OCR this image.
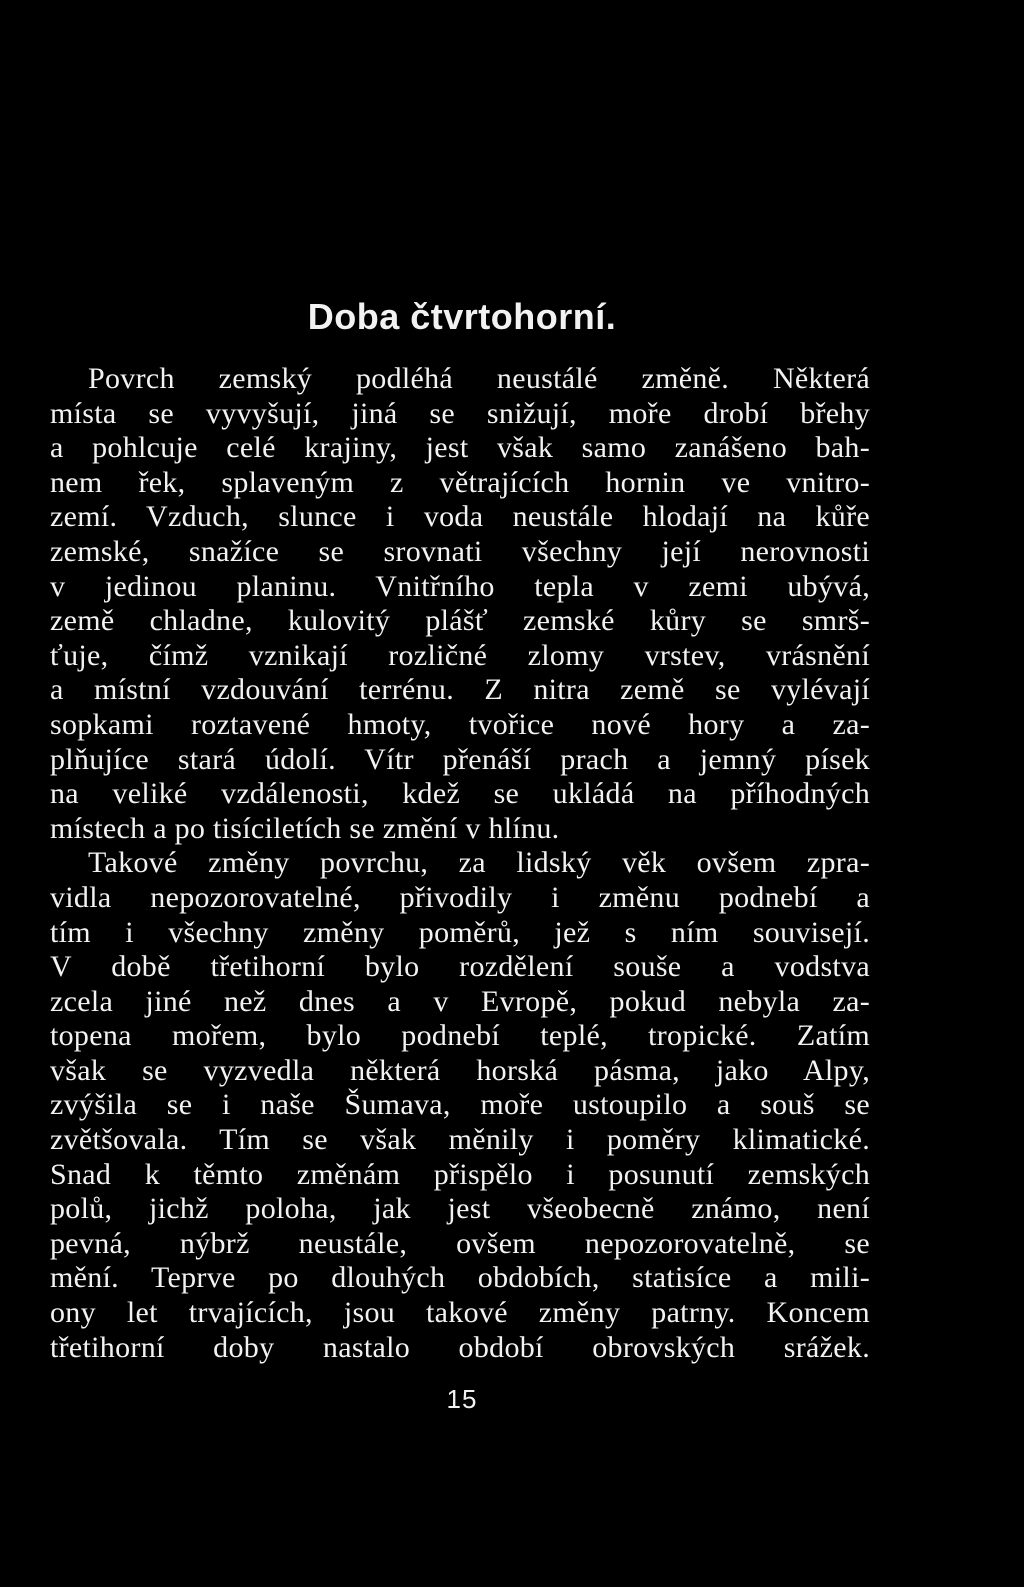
Doba čtvrtohorní.
Povrch zemský podléhá neustálé změně. Některá
místa se vyvyšují, jiná se snižují, moře drobí břehy
a pohlcuje celé krajiny, jest však samo zanášeno bah-
nem řek, splaveným z větrajících hornin ve vnitro-
zemí. Vzduch, slunce i voda neustále hlodají na kůře
zemské, snažíce se srovnati všechny její nerovnosti
v jedinou planinu. Vnitřního tepla v zemi ubývá,
země chladne, kulovitý plášť zemské kůry se smrš-
ťuje, čímž vznikají rozličné zlomy vrstev, vrásnění
a místní vzdouvání terrénu. Z nitra země se vylévají
sopkami roztavené hmoty, tvořice nové hory a za-
plňujíce stará údolí. Vítr přenáší prach a jemný písek
na veliké vzdálenosti, kdež se ukládá na příhodných
místech a po tisíciletích se změní v hlínu.
Takové změny povrchu, za lidský věk ovšem zpra-
vidla nepozorovatelné, přivodily i změnu podnebí a
tím i všechny změny poměrů, jež s ním souvisejí.
V době třetihorní bylo rozdělení souše a vodstva
zcela jiné než dnes a v Evropě, pokud nebyla za-
topena mořem, bylo podnebí teplé, tropické. Zatím
však se vyzvedla některá horská pásma, jako Alpy,
zvýšila se i naše Šumava, moře ustoupilo a souš se
zvětšovala. Tím se však měnily i poměry klimatické.
Snad k těmto změnám přispělo i posunutí zemských
polů, jichž poloha, jak jest všeobecně známo, není
pevná, nýbrž neustále, ovšem nepozorovatelně, se
mění. Teprve po dlouhých obdobích, statisíce a mili-
ony let trvajících, jsou takové změny patrny. Koncem
třetihorní doby nastalo období obrovských srážek.
15
